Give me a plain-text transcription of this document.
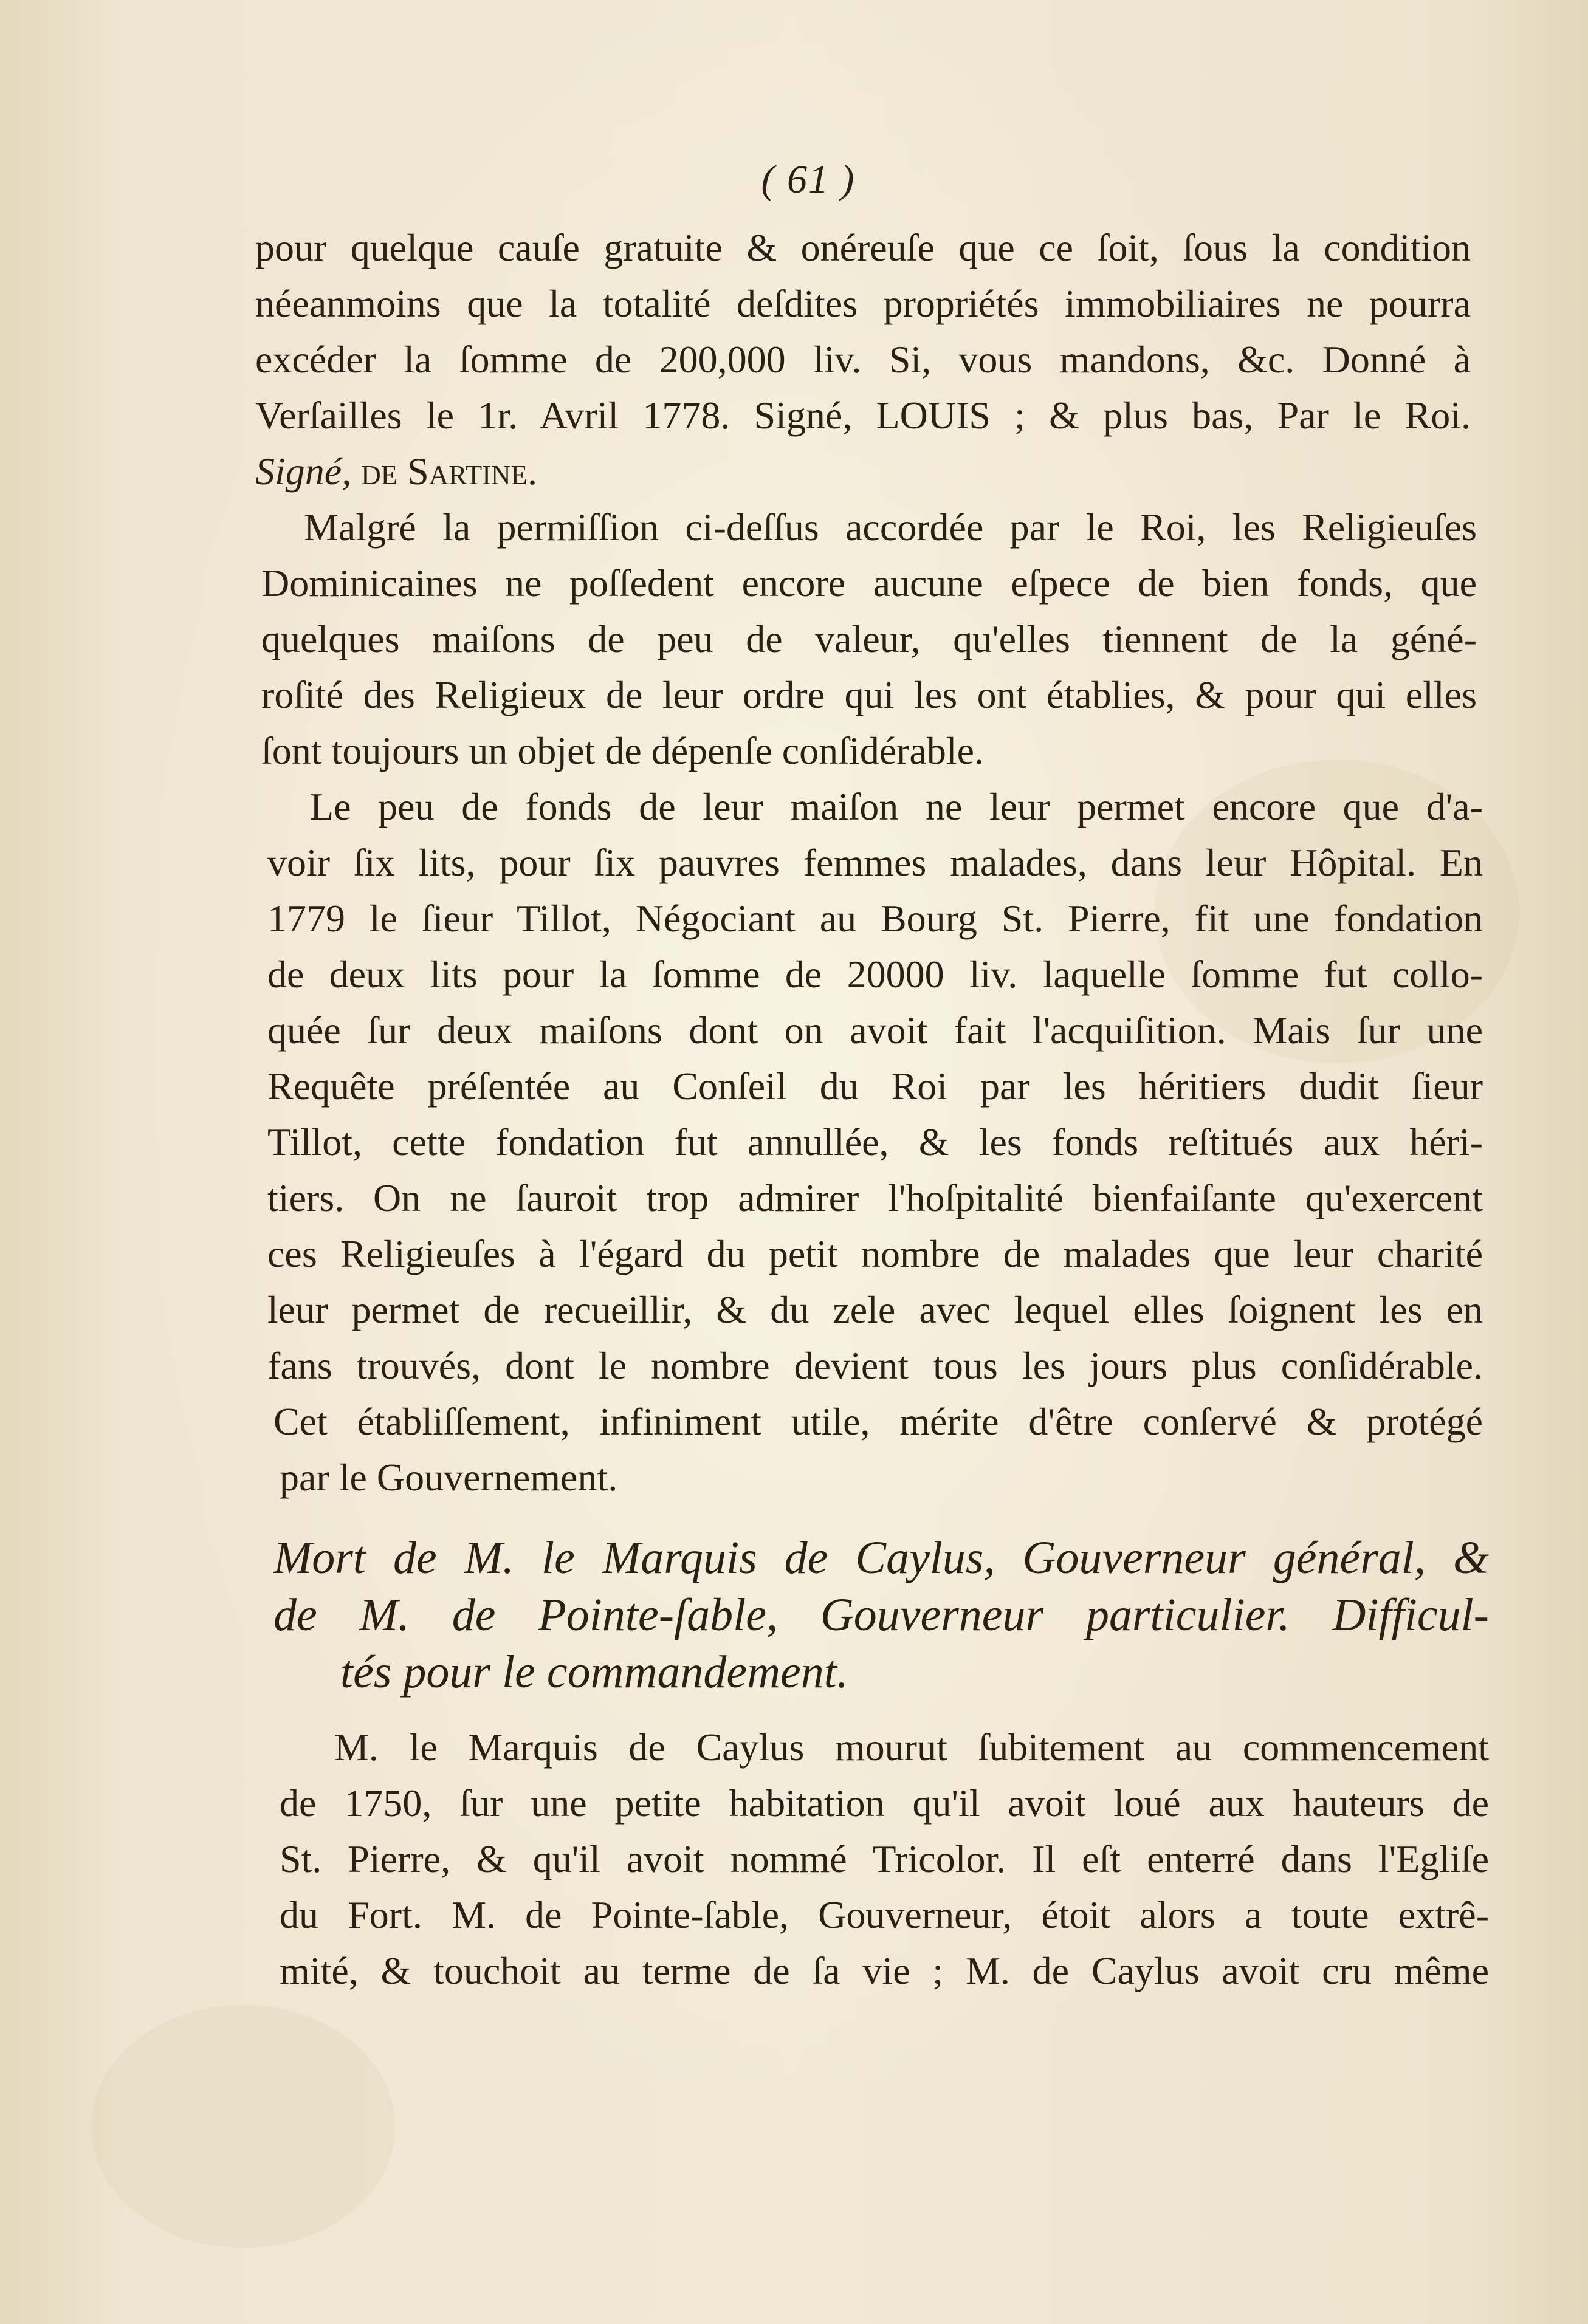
( 61 )
pour quelque cauſe gratuite & onéreuſe que ce ſoit, ſous la condition
néeanmoins que la totalité deſdites propriétés immobiliaires ne pourra
excéder la ſomme de 200,000 liv. Si, vous mandons, &c. Donné à
Verſailles le 1r. Avril 1778. Signé, LOUIS ; & plus bas, Par le Roi.
Signé, de Sartine.
Malgré la permiſſion ci-deſſus accordée par le Roi, les Religieuſes
Dominicaines ne poſſedent encore aucune eſpece de bien fonds, que
quelques maiſons de peu de valeur, qu'elles tiennent de la géné-
roſité des Religieux de leur ordre qui les ont établies, & pour qui elles
ſont toujours un objet de dépenſe conſidérable.
Le peu de fonds de leur maiſon ne leur permet encore que d'a-
voir ſix lits, pour ſix pauvres femmes malades, dans leur Hôpital. En
1779 le ſieur Tillot, Négociant au Bourg St. Pierre, fit une fondation
de deux lits pour la ſomme de 20000 liv. laquelle ſomme fut collo-
quée ſur deux maiſons dont on avoit fait l'acquiſition. Mais ſur une
Requête préſentée au Conſeil du Roi par les héritiers dudit ſieur
Tillot, cette fondation fut annullée, & les fonds reſtitués aux héri-
tiers. On ne ſauroit trop admirer l'hoſpitalité bienfaiſante qu'exercent
ces Religieuſes à l'égard du petit nombre de malades que leur charité
leur permet de recueillir, & du zele avec lequel elles ſoignent les en
fans trouvés, dont le nombre devient tous les jours plus conſidérable.
Cet établiſſement, infiniment utile, mérite d'être conſervé & protégé
par le Gouvernement.
Mort de M. le Marquis de Caylus, Gouverneur général, &
de M. de Pointe-ſable, Gouverneur particulier. Difficul-
tés pour le commandement.
M. le Marquis de Caylus mourut ſubitement au commencement
de 1750, ſur une petite habitation qu'il avoit loué aux hauteurs de
St. Pierre, & qu'il avoit nommé Tricolor. Il eſt enterré dans l'Egliſe
du Fort. M. de Pointe-ſable, Gouverneur, étoit alors a toute extrê-
mité, & touchoit au terme de ſa vie ; M. de Caylus avoit cru même
